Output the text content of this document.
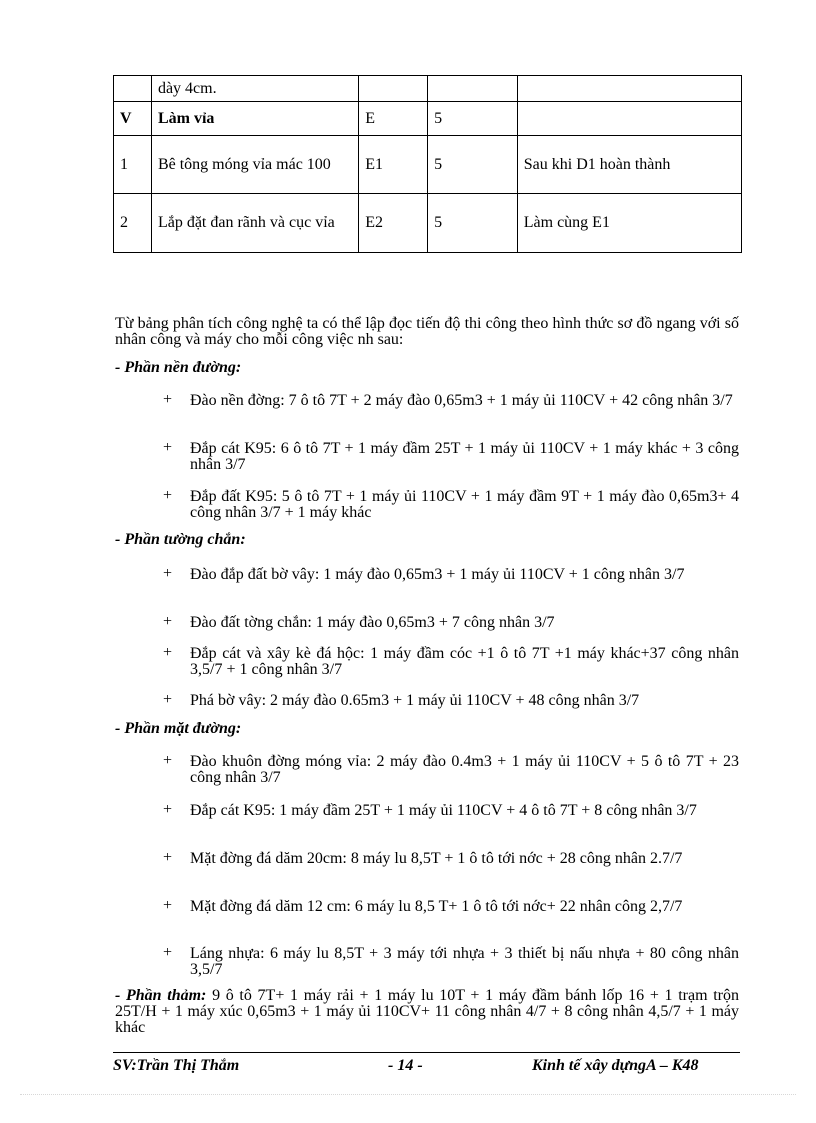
	dày 4cm.			
V	Làm vỉa	E	5	
1	Bê tông móng vỉa mác 100	E1	5	Sau khi D1 hoàn thành
2	Lắp đặt đan rãnh và cục vỉa	E2	5	Làm cùng E1
Từ bảng phân tích công nghệ ta có thể lập đọc tiến độ thi công theo hình thức sơ đồ ngang với số nhân công và máy cho mỗi công việc nh sau:
- Phần nền đường:
+	Đào nền đờng: 7 ô tô 7T + 2 máy đào 0,65m3 + 1 máy ủi 110CV + 42 công nhân 3/7
+	Đắp cát K95: 6 ô tô 7T + 1 máy đầm 25T + 1 máy ủi 110CV + 1 máy khác + 3 công nhân 3/7
+	Đắp đất K95: 5 ô tô 7T + 1 máy ủi 110CV + 1 máy đầm 9T + 1 máy đào 0,65m3+ 4 công nhân 3/7 + 1 máy khác
- Phần tường chắn:
+	Đào đắp đất bờ vây: 1 máy đào 0,65m3 + 1 máy ủi 110CV + 1 công nhân 3/7
+	Đào đất tờng chắn: 1 máy đào 0,65m3 + 7 công nhân 3/7
+	Đắp cát và xây kè đá hộc: 1 máy đầm cóc +1 ô tô 7T +1 máy khác+37 công nhân 3,5/7 + 1 công nhân 3/7
+	Phá bờ vây: 2 máy đào 0.65m3 + 1 máy ủi 110CV + 48 công nhân 3/7
- Phần mặt đường:
+	Đào khuôn đờng móng vỉa: 2 máy đào 0.4m3 + 1 máy ủi 110CV + 5 ô tô 7T + 23 công nhân 3/7
+	Đắp cát K95: 1 máy đầm 25T + 1 máy ủi 110CV + 4 ô tô 7T + 8 công nhân 3/7
+	Mặt đờng đá dăm 20cm: 8 máy lu 8,5T + 1 ô tô tới nớc + 28 công nhân 2.7/7
+	Mặt đờng đá dăm 12 cm: 6 máy lu 8,5 T+ 1 ô tô tới nớc+ 22 nhân công 2,7/7
+	Láng nhựa: 6 máy lu 8,5T + 3 máy tới nhựa + 3 thiết bị nấu nhựa + 80 công nhân 3,5/7
- Phần thảm: 9 ô tô 7T+ 1 máy rải + 1 máy lu 10T + 1 máy đầm bánh lốp 16 + 1 trạm trộn 25T/H + 1 máy xúc 0,65m3 + 1 máy ủi 110CV+ 11 công nhân 4/7 + 8 công nhân 4,5/7 + 1 máy khác
SV:Trần Thị Thắm	- 14 -	Kinh tế xây dựngA – K48
